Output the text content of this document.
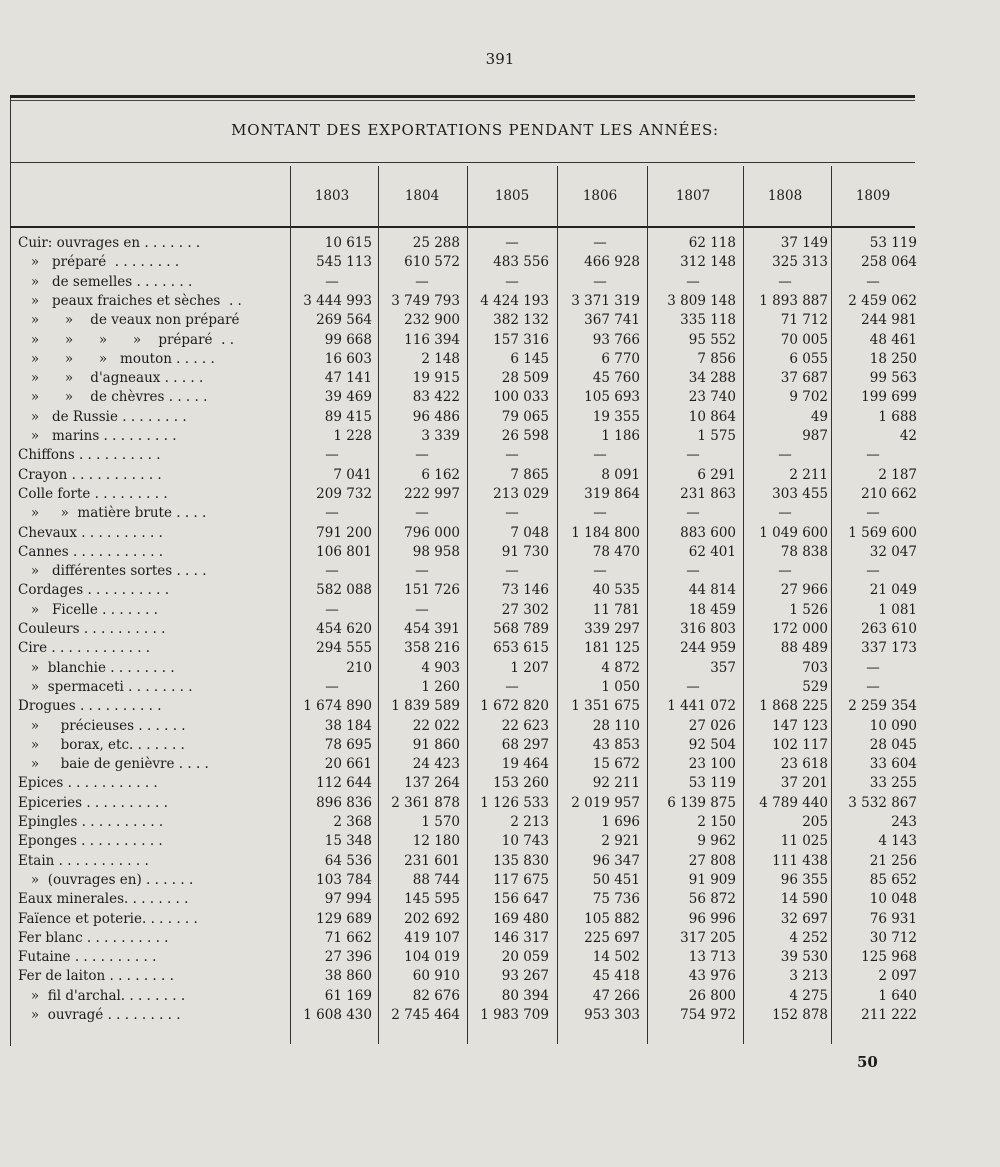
391
MONTANT DES EXPORTATIONS PENDANT LES ANNÉES:
1803	1804	1805	1806	1807	1808	1809
Cuir: ouvrages en . . . . . . .	10 615	25 288	—	—	62 118	37 149	53 119
»   préparé  . . . . . . . .	545 113	610 572	483 556	466 928	312 148	325 313	258 064
»   de semelles . . . . . . .	—	—	—	—	—	—	—
»   peaux fraiches et sèches  . .	3 444 993	3 749 793	4 424 193	3 371 319	3 809 148	1 893 887	2 459 062
»      »    de veaux non préparé	269 564	232 900	382 132	367 741	335 118	71 712	244 981
»      »      »      »    préparé  . .	99 668	116 394	157 316	93 766	95 552	70 005	48 461
»      »      »   mouton . . . . .	16 603	2 148	6 145	6 770	7 856	6 055	18 250
»      »    d'agneaux . . . . .	47 141	19 915	28 509	45 760	34 288	37 687	99 563
»      »    de chèvres . . . . .	39 469	83 422	100 033	105 693	23 740	9 702	199 699
»   de Russie . . . . . . . .	89 415	96 486	79 065	19 355	10 864	49	1 688
»   marins . . . . . . . . .	1 228	3 339	26 598	1 186	1 575	987	42
Chiffons . . . . . . . . . .	—	—	—	—	—	—	—
Crayon . . . . . . . . . . .	7 041	6 162	7 865	8 091	6 291	2 211	2 187
Colle forte . . . . . . . . .	209 732	222 997	213 029	319 864	231 863	303 455	210 662
»     »  matière brute . . . .	—	—	—	—	—	—	—
Chevaux . . . . . . . . . .	791 200	796 000	7 048	1 184 800	883 600	1 049 600	1 569 600
Cannes . . . . . . . . . . .	106 801	98 958	91 730	78 470	62 401	78 838	32 047
»   différentes sortes . . . .	—	—	—	—	—	—	—
Cordages . . . . . . . . . .	582 088	151 726	73 146	40 535	44 814	27 966	21 049
»   Ficelle . . . . . . .	—	—	27 302	11 781	18 459	1 526	1 081
Couleurs . . . . . . . . . .	454 620	454 391	568 789	339 297	316 803	172 000	263 610
Cire . . . . . . . . . . . .	294 555	358 216	653 615	181 125	244 959	88 489	337 173
»  blanchie . . . . . . . .	210	4 903	1 207	4 872	357	703	—
»  spermaceti . . . . . . . .	—	1 260	—	1 050	—	529	—
Drogues . . . . . . . . . .	1 674 890	1 839 589	1 672 820	1 351 675	1 441 072	1 868 225	2 259 354
»     précieuses . . . . . .	38 184	22 022	22 623	28 110	27 026	147 123	10 090
»     borax, etc. . . . . . .	78 695	91 860	68 297	43 853	92 504	102 117	28 045
»     baie de genièvre . . . .	20 661	24 423	19 464	15 672	23 100	23 618	33 604
Epices . . . . . . . . . . .	112 644	137 264	153 260	92 211	53 119	37 201	33 255
Epiceries . . . . . . . . . .	896 836	2 361 878	1 126 533	2 019 957	6 139 875	4 789 440	3 532 867
Epingles . . . . . . . . . .	2 368	1 570	2 213	1 696	2 150	205	243
Eponges . . . . . . . . . .	15 348	12 180	10 743	2 921	9 962	11 025	4 143
Etain . . . . . . . . . . .	64 536	231 601	135 830	96 347	27 808	111 438	21 256
»  (ouvrages en) . . . . . .	103 784	88 744	117 675	50 451	91 909	96 355	85 652
Eaux minerales. . . . . . . .	97 994	145 595	156 647	75 736	56 872	14 590	10 048
Faïence et poterie. . . . . . .	129 689	202 692	169 480	105 882	96 996	32 697	76 931
Fer blanc . . . . . . . . . .	71 662	419 107	146 317	225 697	317 205	4 252	30 712
Futaine . . . . . . . . . .	27 396	104 019	20 059	14 502	13 713	39 530	125 968
Fer de laiton . . . . . . . .	38 860	60 910	93 267	45 418	43 976	3 213	2 097
»  fil d'archal. . . . . . . .	61 169	82 676	80 394	47 266	26 800	4 275	1 640
»  ouvragé . . . . . . . . .	1 608 430	2 745 464	1 983 709	953 303	754 972	152 878	211 222
50
